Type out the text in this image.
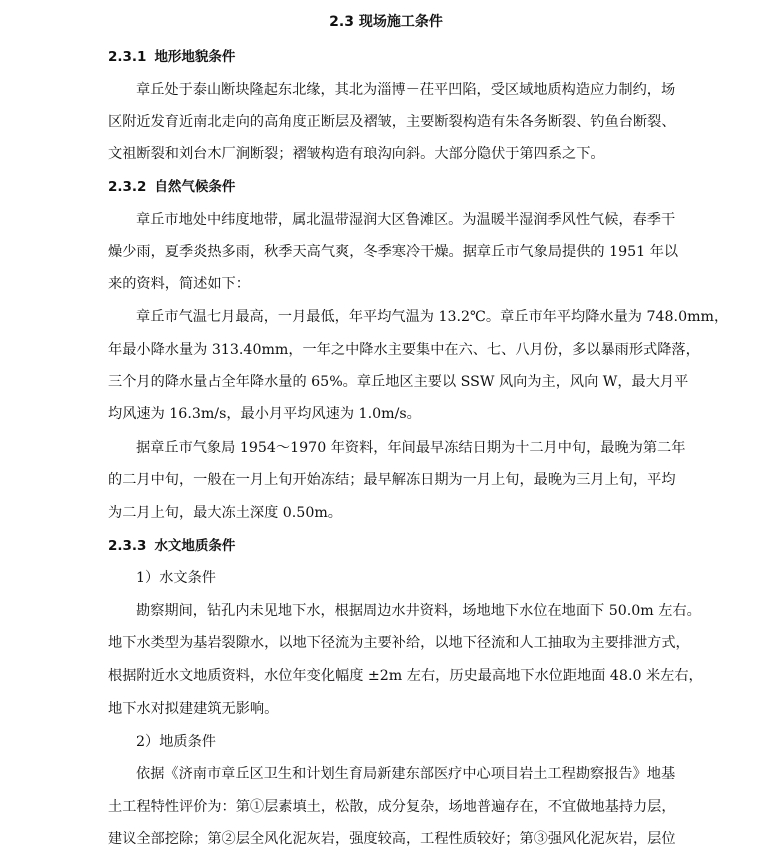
2.3 现场施工条件
2.3.1 地形地貌条件
章丘处于泰山断块隆起东北缘，其北为淄博－茌平凹陷，受区域地质构造应力制约，场
区附近发育近南北走向的高角度正断层及褶皱，主要断裂构造有朱各务断裂、钓鱼台断裂、
文祖断裂和刘台木厂涧断裂；褶皱构造有琅沟向斜。大部分隐伏于第四系之下。
2.3.2 自然气候条件
章丘市地处中纬度地带，属北温带湿润大区鲁滩区。为温暖半湿润季风性气候，春季干
燥少雨，夏季炎热多雨，秋季天高气爽，冬季寒冷干燥。据章丘市气象局提供的 1951 年以
来的资料，简述如下：
章丘市气温七月最高，一月最低，年平均气温为 13.2℃。章丘市年平均降水量为 748.0mm，
年最小降水量为 313.40mm，一年之中降水主要集中在六、七、八月份，多以暴雨形式降落，
三个月的降水量占全年降水量的 65%。章丘地区主要以 SSW 风向为主，风向 W，最大月平
均风速为 16.3m/s，最小月平均风速为 1.0m/s。
据章丘市气象局 1954～1970 年资料，年间最早冻结日期为十二月中旬，最晚为第二年
的二月中旬，一般在一月上旬开始冻结；最早解冻日期为一月上旬，最晚为三月上旬，平均
为二月上旬，最大冻土深度 0.50m。
2.3.3 水文地质条件
1）水文条件
勘察期间，钻孔内未见地下水，根据周边水井资料，场地地下水位在地面下 50.0m 左右。
地下水类型为基岩裂隙水，以地下径流为主要补给，以地下径流和人工抽取为主要排泄方式，
根据附近水文地质资料，水位年变化幅度 ±2m 左右，历史最高地下水位距地面 48.0 米左右，
地下水对拟建建筑无影响。
2）地质条件
依据《济南市章丘区卫生和计划生育局新建东部医疗中心项目岩土工程勘察报告》地基
土工程特性评价为：第①层素填土，松散，成分复杂，场地普遍存在，不宜做地基持力层，
建议全部挖除；第②层全风化泥灰岩，强度较高，工程性质较好；第③强风化泥灰岩，层位
